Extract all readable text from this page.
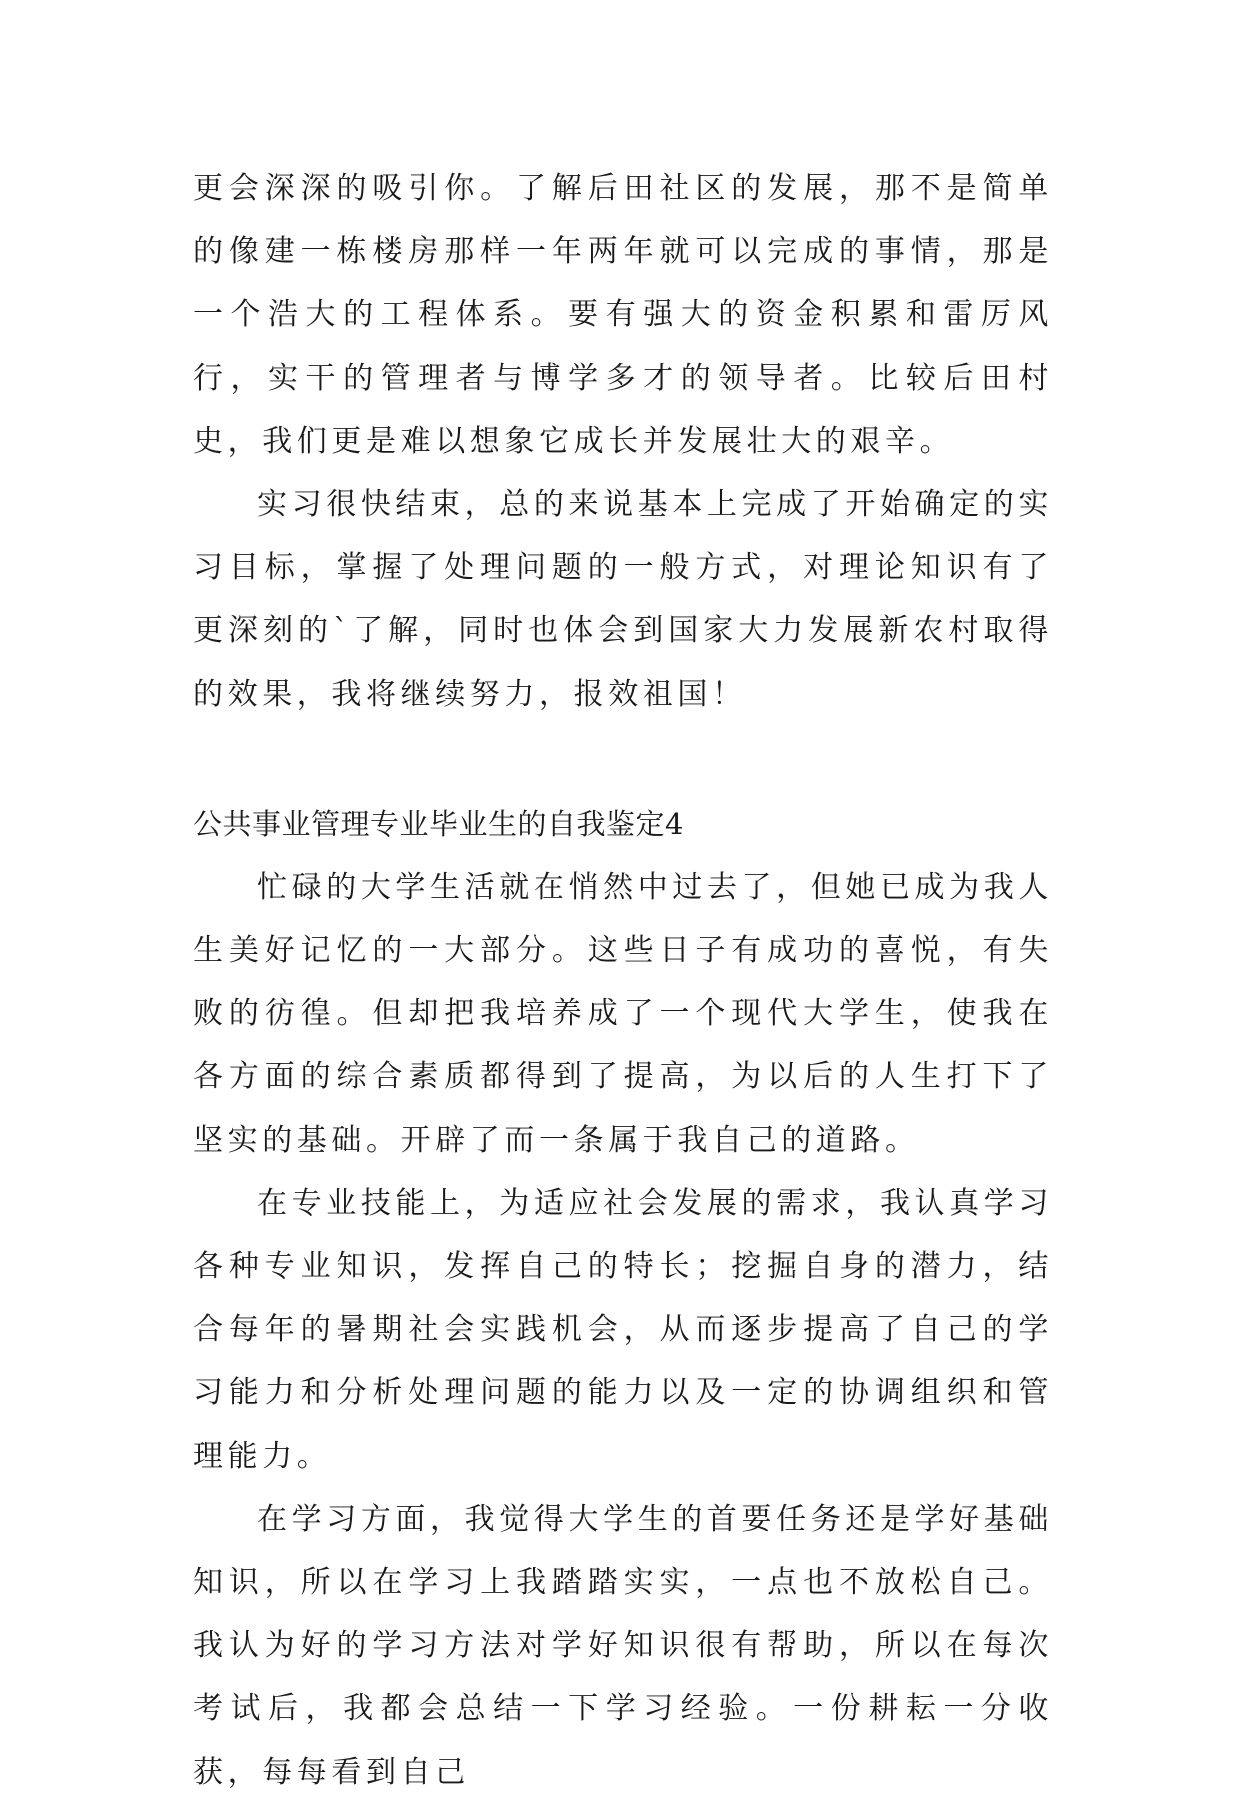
更会深深的吸引你。了解后田社区的发展，那不是简单的像建一栋楼房那样一年两年就可以完成的事情，那是一个浩大的工程体系。要有强大的资金积累和雷厉风行，实干的管理者与博学多才的领导者。比较后田村史，我们更是难以想象它成长并发展壮大的艰辛。

实习很快结束，总的来说基本上完成了开始确定的实习目标，掌握了处理问题的一般方式，对理论知识有了更深刻的`了解，同时也体会到国家大力发展新农村取得的效果，我将继续努力，报效祖国！

公共事业管理专业毕业生的自我鉴定4

忙碌的大学生活就在悄然中过去了，但她已成为我人生美好记忆的一大部分。这些日子有成功的喜悦，有失败的彷徨。但却把我培养成了一个现代大学生，使我在各方面的综合素质都得到了提高，为以后的人生打下了坚实的基础。开辟了而一条属于我自己的道路。

在专业技能上，为适应社会发展的需求，我认真学习各种专业知识，发挥自己的特长；挖掘自身的潜力，结合每年的暑期社会实践机会，从而逐步提高了自己的学习能力和分析处理问题的能力以及一定的协调组织和管理能力。

在学习方面，我觉得大学生的首要任务还是学好基础知识，所以在学习上我踏踏实实，一点也不放松自己。我认为好的学习方法对学好知识很有帮助，所以在每次考试后，我都会总结一下学习经验。一份耕耘一分收获，每每看到自己
